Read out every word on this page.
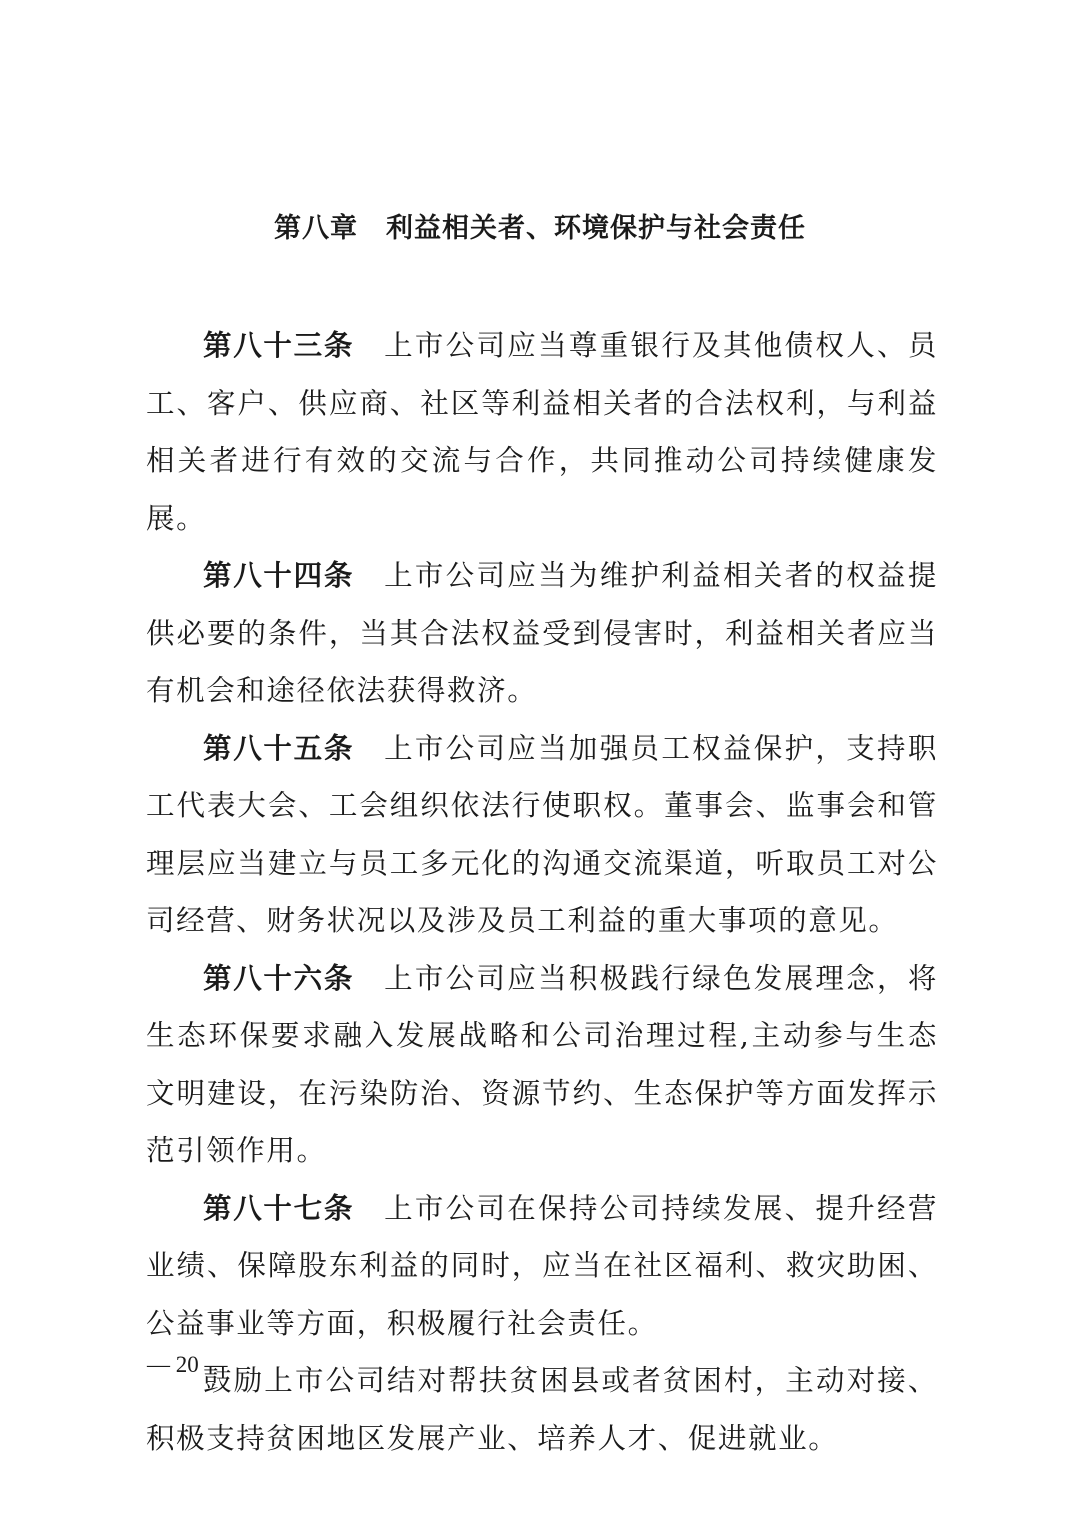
第八章　利益相关者、环境保护与社会责任

第八十三条 上市公司应当尊重银行及其他债权人、员工、客户、供应商、社区等利益相关者的合法权利，与利益相关者进行有效的交流与合作，共同推动公司持续健康发展。

第八十四条 上市公司应当为维护利益相关者的权益提供必要的条件，当其合法权益受到侵害时，利益相关者应当有机会和途径依法获得救济。

第八十五条 上市公司应当加强员工权益保护，支持职工代表大会、工会组织依法行使职权。董事会、监事会和管理层应当建立与员工多元化的沟通交流渠道，听取员工对公司经营、财务状况以及涉及员工利益的重大事项的意见。

第八十六条 上市公司应当积极践行绿色发展理念，将生态环保要求融入发展战略和公司治理过程,主动参与生态文明建设，在污染防治、资源节约、生态保护等方面发挥示范引领作用。

第八十七条 上市公司在保持公司持续发展、提升经营业绩、保障股东利益的同时，应当在社区福利、救灾助困、公益事业等方面，积极履行社会责任。

鼓励上市公司结对帮扶贫困县或者贫困村，主动对接、积极支持贫困地区发展产业、培养人才、促进就业。

— 20 —
